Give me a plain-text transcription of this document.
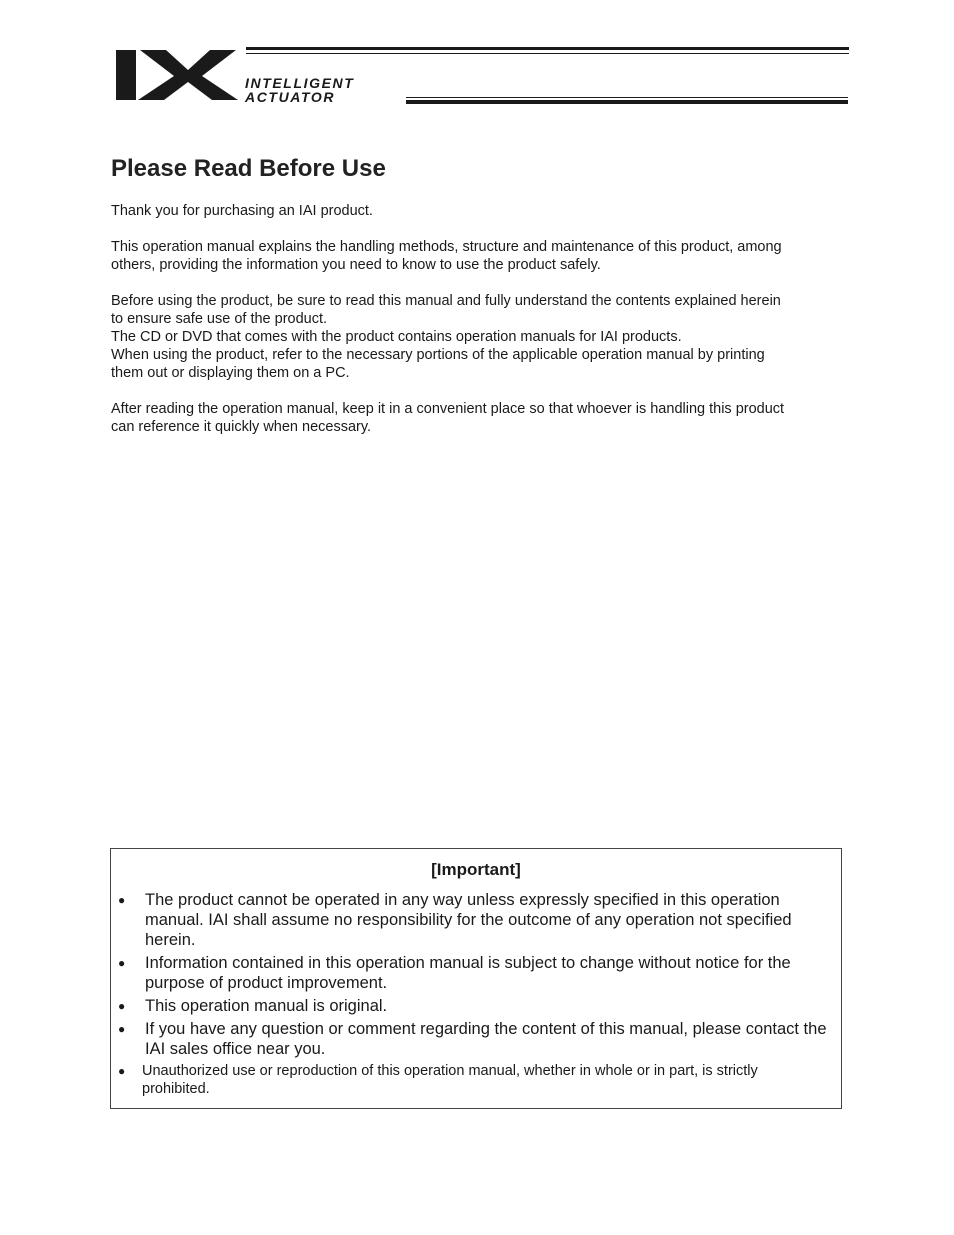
INTELLIGENT
ACTUATOR
Please Read Before Use

Thank you for purchasing an IAI product.

This operation manual explains the handling methods, structure and maintenance of this product, among
others, providing the information you need to know to use the product safely.

Before using the product, be sure to read this manual and fully understand the contents explained herein
to ensure safe use of the product.
The CD or DVD that comes with the product contains operation manuals for IAI products.
When using the product, refer to the necessary portions of the applicable operation manual by printing
them out or displaying them on a PC.

After reading the operation manual, keep it in a convenient place so that whoever is handling this product
can reference it quickly when necessary.

[Important]
● The product cannot be operated in any way unless expressly specified in this operation manual. IAI shall assume no responsibility for the outcome of any operation not specified herein.
● Information contained in this operation manual is subject to change without notice for the purpose of product improvement.
● This operation manual is original.
● If you have any question or comment regarding the content of this manual, please contact the IAI sales office near you.
● Unauthorized use or reproduction of this operation manual, whether in whole or in part, is strictly prohibited.
